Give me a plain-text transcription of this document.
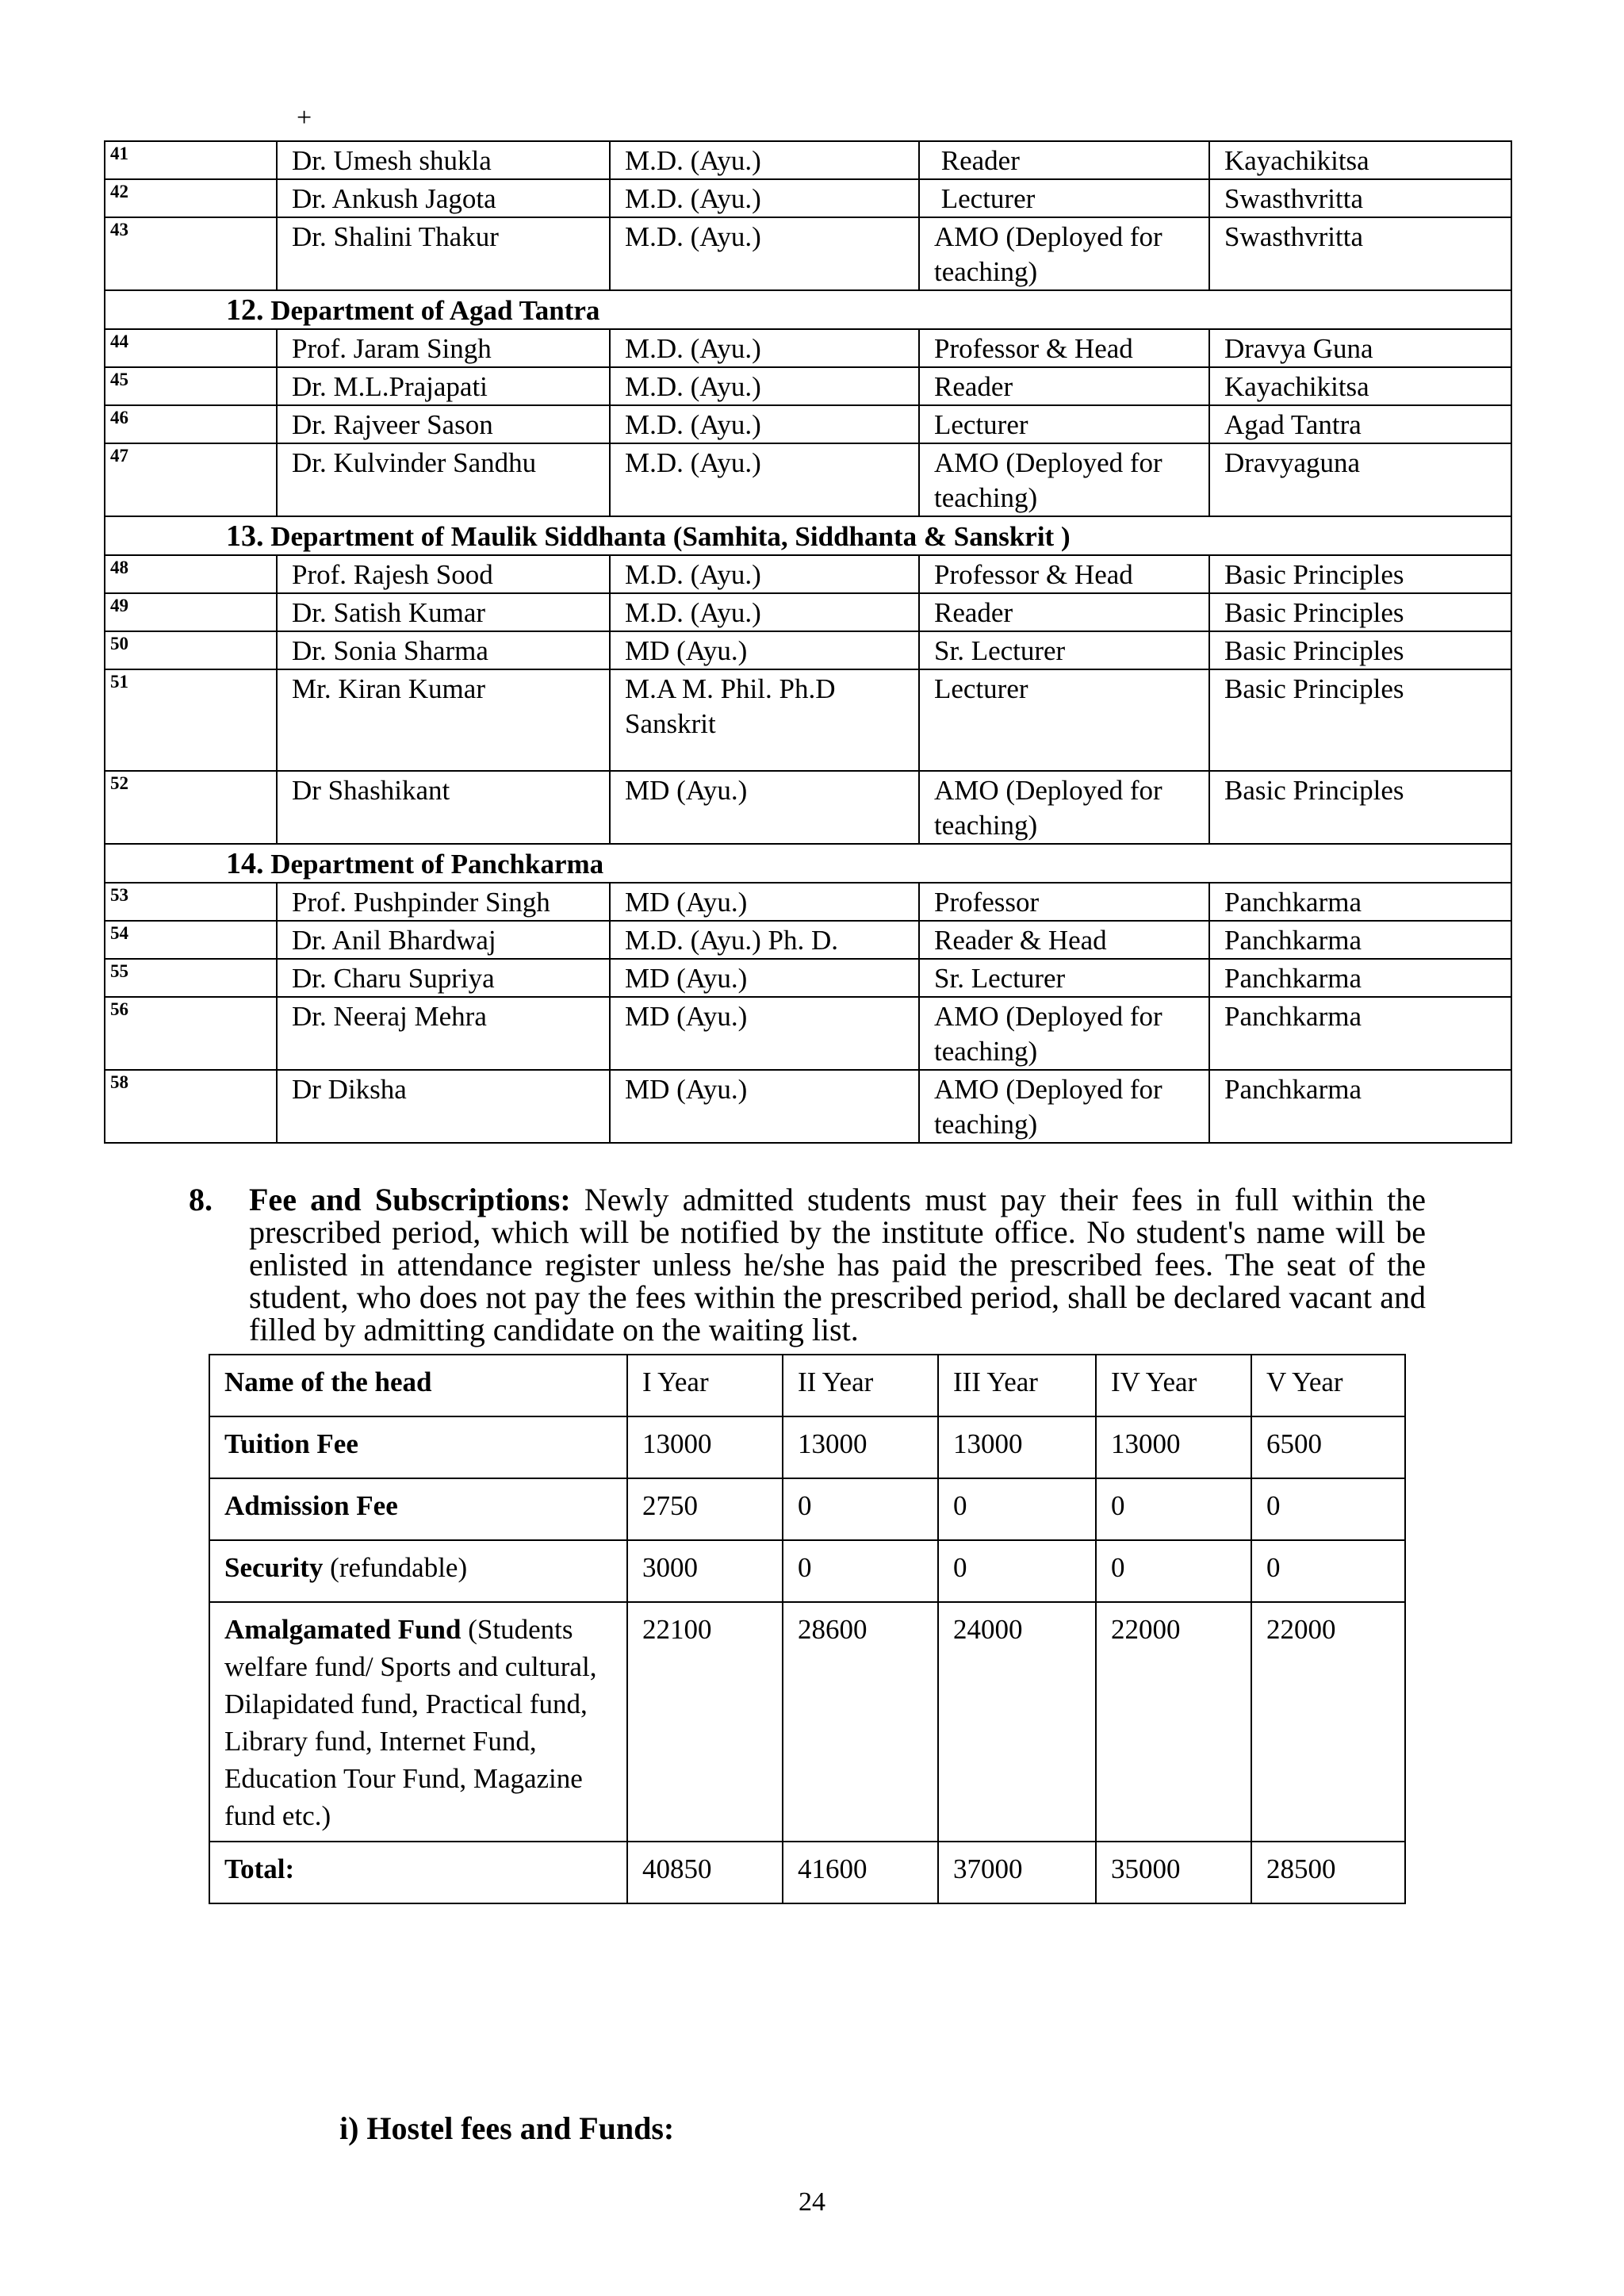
+
41	Dr. Umesh shukla	M.D. (Ayu.)	Reader	Kayachikitsa
42	Dr. Ankush Jagota	M.D. (Ayu.)	Lecturer	Swasthvritta
43	Dr. Shalini Thakur	M.D. (Ayu.)	AMO (Deployed for teaching)	Swasthvritta
12. Department of Agad Tantra				
44	Prof. Jaram Singh	M.D. (Ayu.)	Professor & Head	Dravya Guna
45	Dr. M.L.Prajapati	M.D. (Ayu.)	Reader	Kayachikitsa
46	Dr. Rajveer Sason	M.D. (Ayu.)	Lecturer	Agad Tantra
47	Dr. Kulvinder Sandhu	M.D. (Ayu.)	AMO (Deployed for teaching)	Dravyaguna
13. Department of Maulik Siddhanta (Samhita, Siddhanta & Sanskrit )				
48	Prof. Rajesh Sood	M.D. (Ayu.)	Professor & Head	Basic Principles
49	Dr. Satish Kumar	M.D. (Ayu.)	Reader	Basic Principles
50	Dr. Sonia Sharma	MD (Ayu.)	Sr. Lecturer	Basic Principles
51	Mr. Kiran Kumar	M.A M. Phil. Ph.D Sanskrit	Lecturer	Basic Principles
52	Dr Shashikant	MD (Ayu.)	AMO (Deployed for teaching)	Basic Principles
14. Department of Panchkarma				
53	Prof. Pushpinder Singh	MD (Ayu.)	Professor	Panchkarma
54	Dr. Anil Bhardwaj	M.D. (Ayu.) Ph. D.	Reader & Head	Panchkarma
55	Dr. Charu Supriya	MD (Ayu.)	Sr. Lecturer	Panchkarma
56	Dr. Neeraj Mehra	MD (Ayu.)	AMO (Deployed for teaching)	Panchkarma
58	Dr Diksha	MD (Ayu.)	AMO (Deployed for teaching)	Panchkarma
8. Fee and Subscriptions: Newly admitted students must pay their fees in full within the prescribed period, which will be notified by the institute office. No student's name will be enlisted in attendance register unless he/she has paid the prescribed fees. The seat of the student, who does not pay the fees within the prescribed period, shall be declared vacant and filled by admitting candidate on the waiting list.
Name of the head	I Year	II Year	III Year	IV Year	V Year
Tuition Fee	13000	13000	13000	13000	6500
Admission Fee	2750	0	0	0	0
Security (refundable)	3000	0	0	0	0
Amalgamated Fund (Students welfare fund/ Sports and cultural, Dilapidated fund, Practical fund, Library fund, Internet Fund, Education Tour Fund, Magazine fund etc.)	22100	28600	24000	22000	22000
Total:	40850	41600	37000	35000	28500
i) Hostel fees and Funds:
24
